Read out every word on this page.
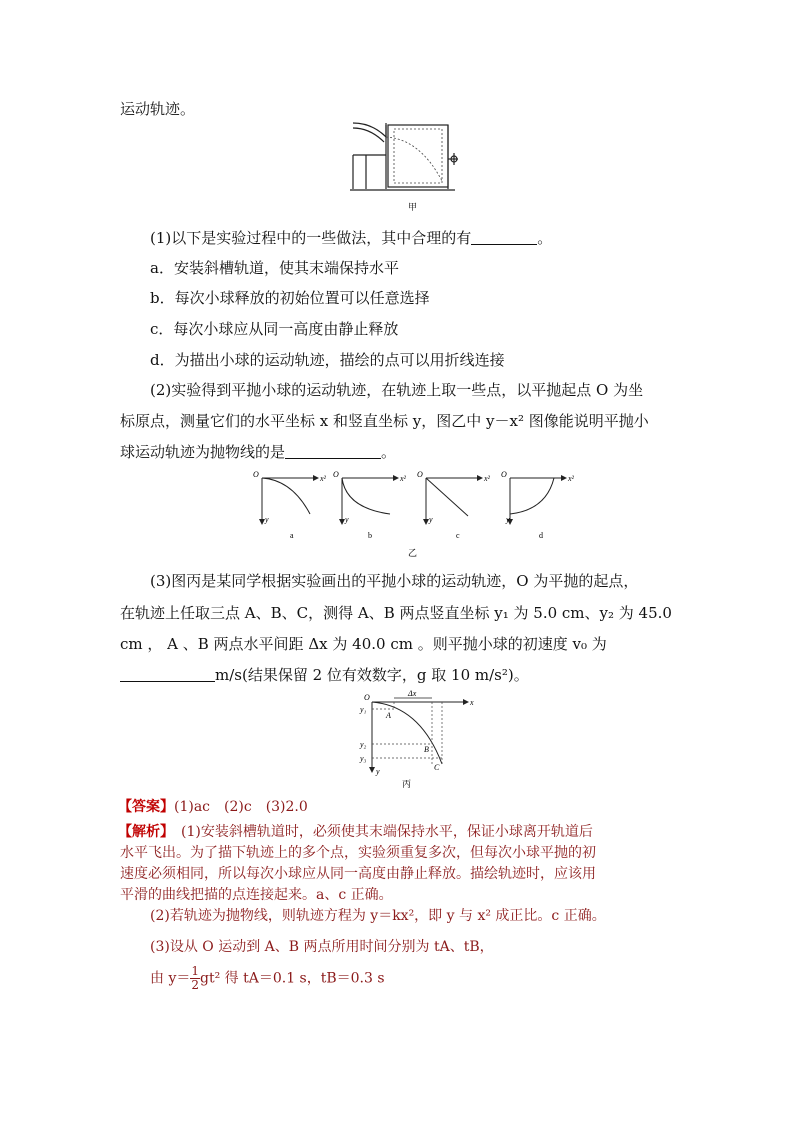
运动轨迹。
甲
(1)以下是实验过程中的一些做法，其中合理的有	。
a．安装斜槽轨道，使其末端保持水平
b．每次小球释放的初始位置可以任意选择
c．每次小球应从同一高度由静止释放
d．为描出小球的运动轨迹，描绘的点可以用折线连接
(2)实验得到平抛小球的运动轨迹，在轨迹上取一些点，以平抛起点 O 为坐
标原点，测量它们的水平坐标 x 和竖直坐标 y，图乙中 y－x² 图像能说明平抛小
球运动轨迹为抛物线的是	。
O	x²
y
O	x²
y
O	x²
y
O	x²
y
a	b	c	d
乙
(3)图丙是某同学根据实验画出的平抛小球的运动轨迹，O 为平抛的起点，
在轨迹上任取三点 A、B、C，测得 A、B 两点竖直坐标 y₁ 为 5.0 cm、y₂ 为 45.0
cm ， A 、B 两点水平间距 Δx 为 40.0 cm 。则平抛小球的初速度 v₀ 为
m/s(结果保留 2 位有效数字，g 取 10 m/s²)。
O	Δx
x
y
y₁
y₂
y₃
A
B
C
丙
【答案】(1)ac　(2)c　(3)2.0
【解析】　(1)安装斜槽轨道时，必须使其末端保持水平，保证小球离开轨道后
水平飞出。为了描下轨迹上的多个点，实验须重复多次，但每次小球平抛的初
速度必须相同，所以每次小球应从同一高度由静止释放。描绘轨迹时，应该用
平滑的曲线把描的点连接起来。a、c 正确。
(2)若轨迹为抛物线，则轨迹方程为 y＝kx²，即 y 与 x² 成正比。c 正确。
(3)设从 O 运动到 A、B 两点所用时间分别为 tA、tB，
由 $y= \frac{1}{2} gt^2$ 得 tA＝0.1 s，tB＝0.3 s
